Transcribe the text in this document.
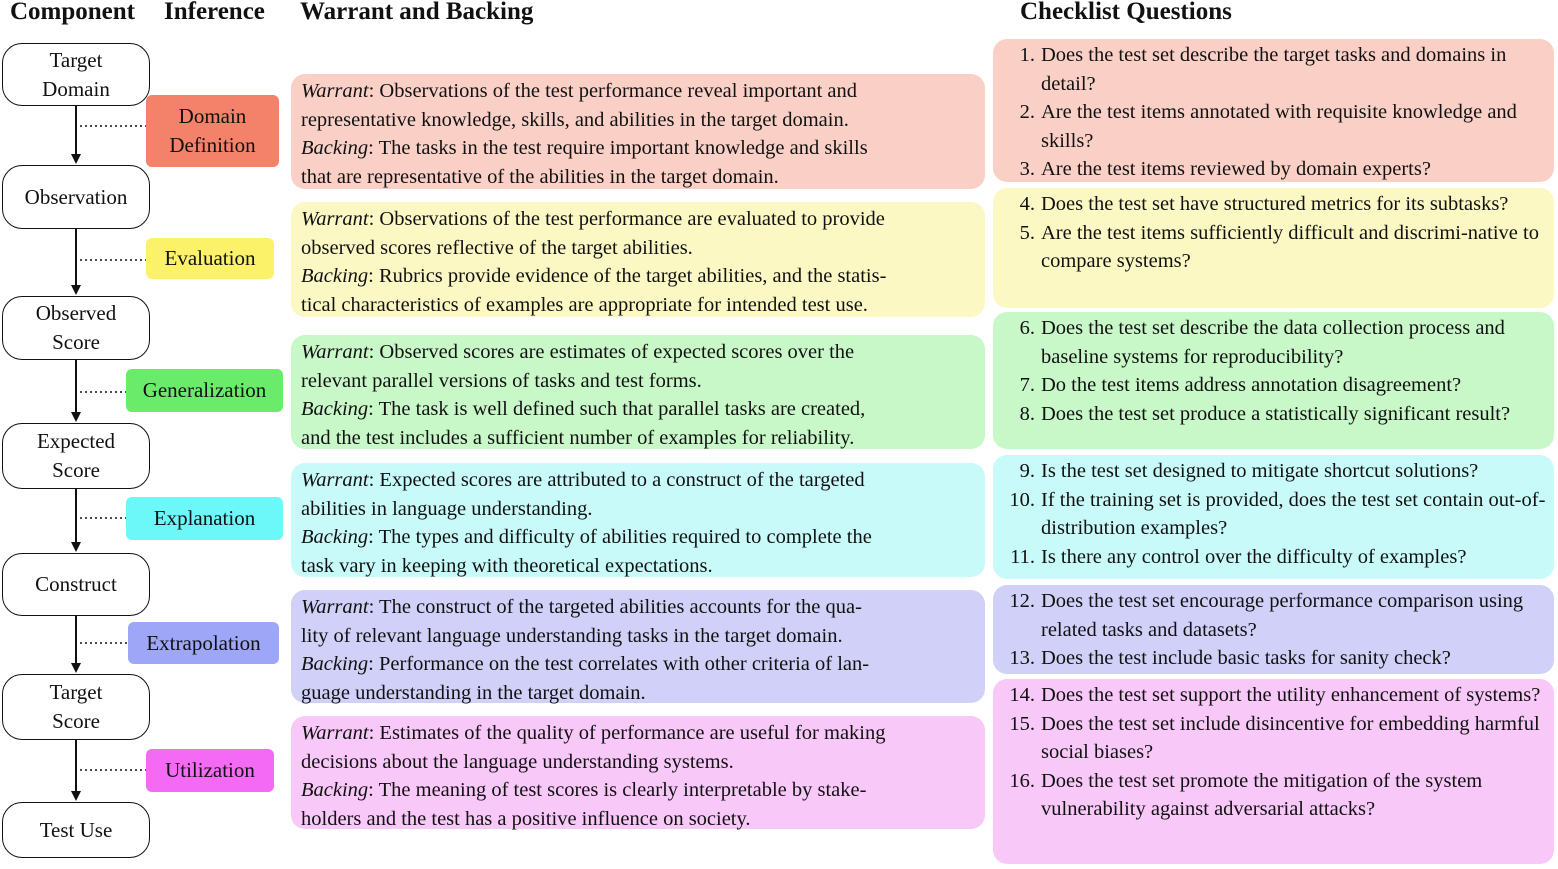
Component Inference Warrant and Backing	Checklist Questions
Target
Domain
Observation
Observed
Score
Expected
Score
Construct
Target
Score
Test Use
Domain
Definition
Evaluation
Generalization
Explanation
Extrapolation
Utilization
Warrant: Observations of the test performance reveal important and
representative knowledge, skills, and abilities in the target domain.
Backing: The tasks in the test require important knowledge and skills
that are representative of the abilities in the target domain.
Warrant: Observations of the test performance are evaluated to provide
observed scores reflective of the target abilities.
Backing: Rubrics provide evidence of the target abilities, and the statis-
tical characteristics of examples are appropriate for intended test use.
Warrant: Observed scores are estimates of expected scores over the
relevant parallel versions of tasks and test forms.
Backing: The task is well defined such that parallel tasks are created,
and the test includes a sufficient number of examples for reliability.
Warrant: Expected scores are attributed to a construct of the targeted
abilities in language understanding.
Backing: The types and difficulty of abilities required to complete the
task vary in keeping with theoretical expectations.
Warrant: The construct of the targeted abilities accounts for the qua-
lity of relevant language understanding tasks in the target domain.
Backing: Performance on the test correlates with other criteria of lan-
guage understanding in the target domain.
Warrant: Estimates of the quality of performance are useful for making
decisions about the language understanding systems.
Backing: The meaning of test scores is clearly interpretable by stake-
holders and the test has a positive influence on society.
1. Does the test set describe the target tasks and domains in detail?
2. Are the test items annotated with requisite knowledge and skills?
3. Are the test items reviewed by domain experts?
4. Does the test set have structured metrics for its subtasks?
5. Are the test items sufficiently difficult and discrimi-native to compare systems?
6. Does the test set describe the data collection process and baseline systems for reproducibility?
7. Do the test items address annotation disagreement?
8. Does the test set produce a statistically significant result?
9. Is the test set designed to mitigate shortcut solutions?
10. If the training set is provided, does the test set contain out-of-distribution examples?
11. Is there any control over the difficulty of examples?
12. Does the test set encourage performance comparison using related tasks and datasets?
13. Does the test include basic tasks for sanity check?
14. Does the test set support the utility enhancement of systems?
15. Does the test set include disincentive for embedding harmful social biases?
16. Does the test set promote the mitigation of the system vulnerability against adversarial attacks?
